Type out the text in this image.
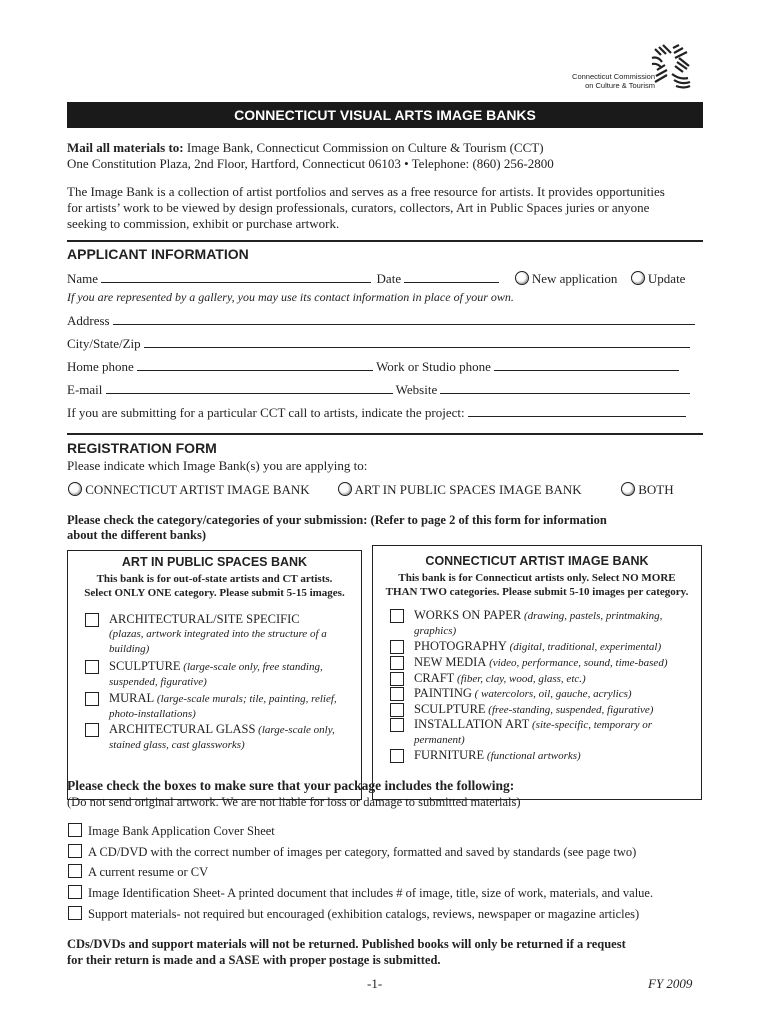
Connecticut Commission
on Culture & Tourism
CONNECTICUT VISUAL ARTS IMAGE BANKS
Mail all materials to: Image Bank, Connecticut Commission on Culture & Tourism (CCT)
One Constitution Plaza, 2nd Floor, Hartford, Connecticut 06103 • Telephone: (860) 256-2800
The Image Bank is a collection of artist portfolios and serves as a free resource for artists. It provides opportunities
for artists’ work to be viewed by design professionals, curators, collectors, Art in Public Spaces juries or anyone
seeking to commission, exhibit or purchase artwork.
APPLICANT INFORMATION
Name	Date	New application Update
If you are represented by a gallery, you may use its contact information in place of your own.
Address
City/State/Zip
Home phone	Work or Studio phone
E-mail	Website
If you are submitting for a particular CCT call to artists, indicate the project:
REGISTRATION FORM
Please indicate which Image Bank(s) you are applying to:
CONNECTICUT ARTIST IMAGE BANK	ART IN PUBLIC SPACES IMAGE BANK	BOTH
Please check the category/categories of your submission: (Refer to page 2 of this form for information
about the different banks)
ART IN PUBLIC SPACES BANK
This bank is for out-of-state artists and CT artists.
Select ONLY ONE category. Please submit 5-15 images.
ARCHITECTURAL/SITE SPECIFIC
(plazas, artwork integrated into the structure of a
building)
SCULPTURE (large-scale only, free standing,
suspended, figurative)
MURAL (large-scale murals; tile, painting, relief,
photo-installations)
ARCHITECTURAL GLASS (large-scale only,
stained glass, cast glassworks)
CONNECTICUT ARTIST IMAGE BANK
This bank is for Connecticut artists only. Select NO MORE
THAN TWO categories. Please submit 5-10 images per category.
WORKS ON PAPER (drawing, pastels, printmaking,
graphics)
PHOTOGRAPHY (digital, traditional, experimental)
NEW MEDIA (video, performance, sound, time-based)
CRAFT (fiber, clay, wood, glass, etc.)
PAINTING ( watercolors, oil, gauche, acrylics)
SCULPTURE (free-standing, suspended, figurative)
INSTALLATION ART (site-specific, temporary or
permanent)
FURNITURE (functional artworks)
Please check the boxes to make sure that your package includes the following:
(Do not send original artwork. We are not liable for loss or damage to submitted materials)
Image Bank Application Cover Sheet
A CD/DVD with the correct number of images per category, formatted and saved by standards (see page two)
A current resume or CV
Image Identification Sheet- A printed document that includes # of image, title, size of work, materials, and value.
Support materials- not required but encouraged (exhibition catalogs, reviews, newspaper or magazine articles)
CDs/DVDs and support materials will not be returned. Published books will only be returned if a request
for their return is made and a SASE with proper postage is submitted.
-1-	FY 2009
